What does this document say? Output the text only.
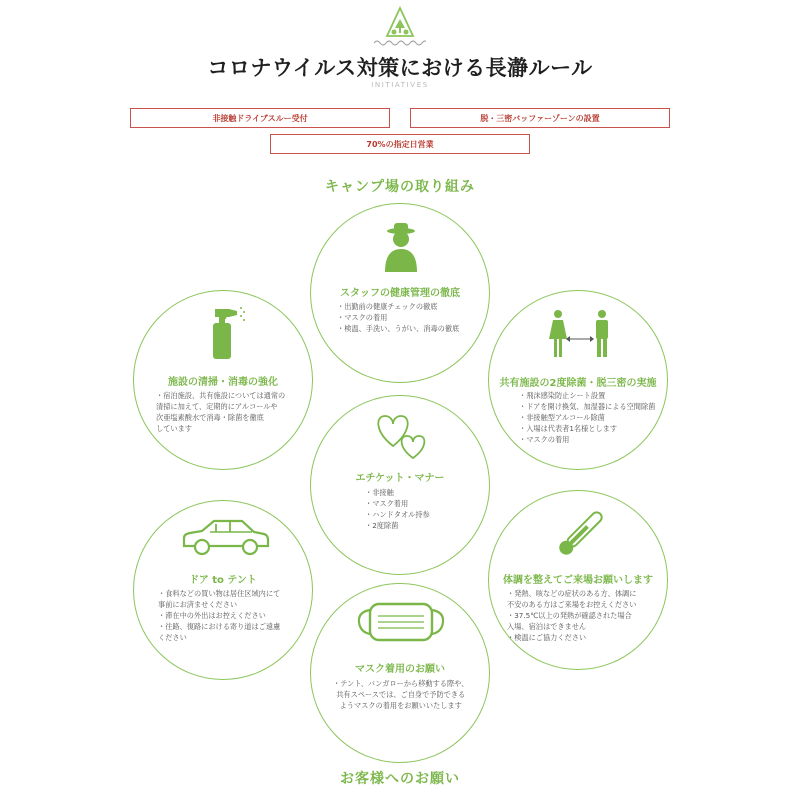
コロナウイルス対策における長瀞ルール
INITIATIVES
非接触ドライブスルー受付	脱・三密バッファーゾーンの設置
70%の指定日営業
キャンプ場の取り組み
スタッフの健康管理の徹底
・出勤前の健康チェックの徹底
・マスクの着用
・検温、手洗い、うがい、消毒の徹底
施設の清掃・消毒の強化
・宿泊施設、共有施設については通常の
清掃に加えて、定期的にアルコールや
次亜塩素酸水で消毒・除菌を徹底
しています
共有施設の2度除菌・脱三密の実施
・飛沫感染防止シート設置
・ドアを開け換気、加湿器による空間除菌
・非接触型アルコール除菌
・入場は代表者1名様とします
・マスクの着用
エチケット・マナー
・非接触
・マスク着用
・ハンドタオル持参
・2度除菌
ドア to テント
・食料などの買い物は居住区域内にて
事前にお済ませください
・滞在中の外出はお控えください
・往路、復路における寄り道はご遠慮
ください
体調を整えてご来場お願いします
・発熱、咳などの症状のある方、体調に
不安のある方はご来場をお控えください
・37.5℃以上の発熱が確認された場合
入場、宿泊はできません
・検温にご協力ください
マスク着用のお願い
・テント、バンガローから移動する際や、
共有スペースでは、ご自身で予防できる
ようマスクの着用をお願いいたします
お客様へのお願い
